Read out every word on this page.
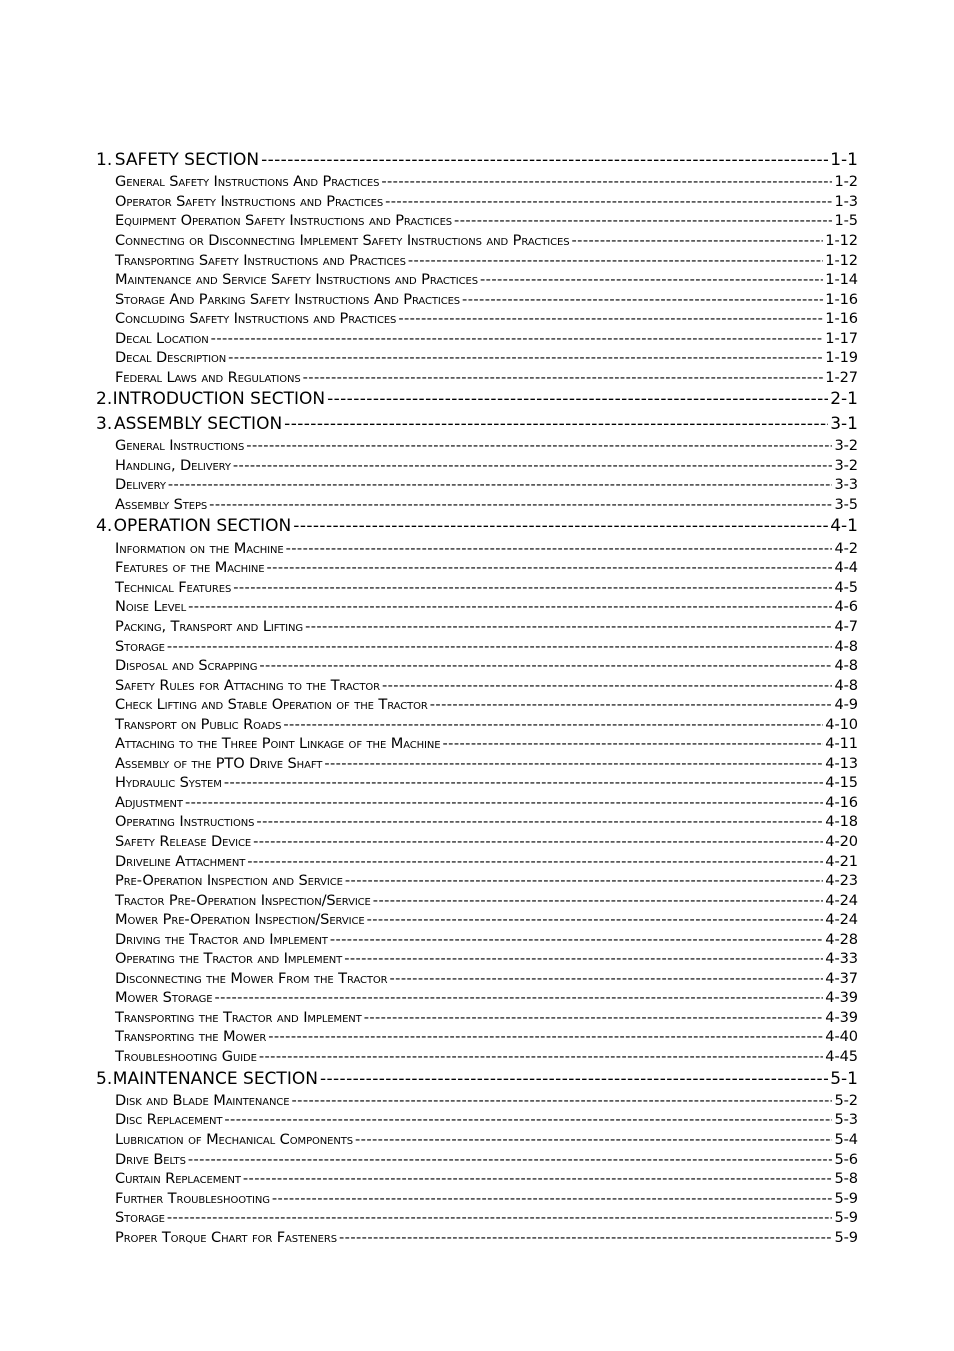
1. SAFETY SECTION -----	1-1
General Safety Instructions And Practices -----	1-2
Operator Safety Instructions and Practices -----	1-3
Equipment Operation Safety Instructions and Practices -----	1-5
Connecting or Disconnecting Implement Safety Instructions and Practices -----	1-12
Transporting Safety Instructions and Practices -----	1-12
Maintenance and Service Safety Instructions and Practices -----	1-14
Storage And Parking Safety Instructions And Practices -----	1-16
Concluding Safety Instructions and Practices -----	1-16
Decal Location -----	1-17
Decal Description -----	1-19
Federal Laws and Regulations -----	1-27
2. INTRODUCTION SECTION -----	2-1
3. ASSEMBLY SECTION -----	3-1
General Instructions -----	3-2
Handling, Delivery -----	3-2
Delivery -----	3-3
Assembly Steps -----	3-5
4. OPERATION SECTION -----	4-1
Information on the Machine -----	4-2
Features of the Machine -----	4-4
Technical Features -----	4-5
Noise Level -----	4-6
Packing, Transport and Lifting -----	4-7
Storage -----	4-8
Disposal and Scrapping -----	4-8
Safety Rules for Attaching to the Tractor -----	4-8
Check Lifting and Stable Operation of the Tractor -----	4-9
Transport on Public Roads -----	4-10
Attaching to the Three Point Linkage of the Machine -----	4-11
Assembly of the PTO Drive Shaft -----	4-13
Hydraulic System -----	4-15
Adjustment -----	4-16
Operating Instructions -----	4-18
Safety Release Device -----	4-20
Driveline Attachment -----	4-21
Pre-Operation Inspection and Service -----	4-23
Tractor Pre-Operation Inspection/Service -----	4-24
Mower Pre-Operation Inspection/Service -----	4-24
Driving the Tractor and Implement -----	4-28
Operating the Tractor and Implement -----	4-33
Disconnecting the Mower From the Tractor -----	4-37
Mower Storage -----	4-39
Transporting the Tractor and Implement -----	4-39
Transporting the Mower -----	4-40
Troubleshooting Guide -----	4-45
5. MAINTENANCE SECTION -----	5-1
Disk and Blade Maintenance -----	5-2
Disc Replacement -----	5-3
Lubrication of Mechanical Components -----	5-4
Drive Belts -----	5-6
Curtain Replacement -----	5-8
Further Troubleshooting -----	5-9
Storage -----	5-9
Proper Torque Chart for Fasteners -----	5-9
